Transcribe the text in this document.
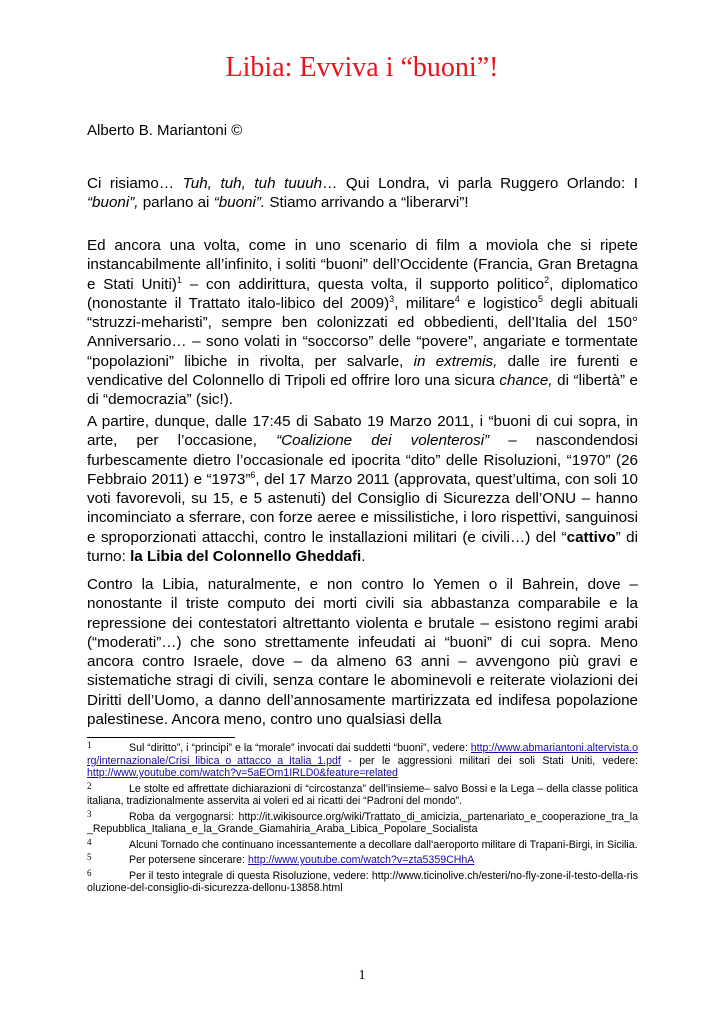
Libia: Evviva i “buoni”!
Alberto B. Mariantoni ©

Ci risiamo… Tuh, tuh, tuh tuuuh… Qui Londra, vi parla Ruggero Orlando: I “buoni”, parlano ai “buoni”. Stiamo arrivando a “liberarvi”!

Ed ancora una volta, come in uno scenario di film a moviola che si ripete instancabilmente all’infinito, i soliti “buoni” dell’Occidente (Francia, Gran Bretagna e Stati Uniti)$^1$ – con addirittura, questa volta, il supporto politico$^2$, diplomatico (nonostante il Trattato italo-libico del 2009)$^3$, militare$^4$ e logistico$^5$ degli abituali “struzzi-meharisti”, sempre ben colonizzati ed obbedienti, dell’Italia del 150° Anniversario… – sono volati in “soccorso” delle “povere”, angariate e tormentate “popolazioni” libiche in rivolta, per salvarle, in extremis, dalle ire furenti e vendicative del Colonnello di Tripoli ed offrire loro una sicura chance, di “libertà” e di “democrazia” (sic!).

A partire, dunque, dalle 17:45 di Sabato 19 Marzo 2011, i “buoni di cui sopra, in arte, per l’occasione, “Coalizione dei volenterosi” – nascondendosi furbescamente dietro l’occasionale ed ipocrita “dito” delle Risoluzioni, “1970” (26 Febbraio 2011) e “1973”$^6$, del 17 Marzo 2011 (approvata, quest’ultima, con soli 10 voti favorevoli, su 15, e 5 astenuti) del Consiglio di Sicurezza dell’ONU – hanno incominciato a sferrare, con forze aeree e missilistiche, i loro rispettivi, sanguinosi e sproporzionati attacchi, contro le installazioni militari (e civili…) del “cattivo” di turno: la Libia del Colonnello Gheddafi.

Contro la Libia, naturalmente, e non contro lo Yemen o il Bahrein, dove – nonostante il triste computo dei morti civili sia abbastanza comparabile e la repressione dei contestatori altrettanto violenta e brutale – esistono regimi arabi (“moderati”…) che sono strettamente infeudati ai “buoni” di cui sopra. Meno ancora contro Israele, dove – da almeno 63 anni – avvengono più gravi e sistematiche stragi di civili, senza contare le abominevoli e reiterate violazioni dei Diritti dell’Uomo, a danno dell’annosamente martirizzata ed indifesa popolazione palestinese. Ancora meno, contro uno qualsiasi della

1	Sul “diritto”, i “principi” e la “morale” invocati dai suddetti “buoni”, vedere: http://www.abmariantoni.altervista.org/internazionale/Crisi_libica_o_attacco_a_Italia_1.pdf - per le aggressioni militari dei soli Stati Uniti, vedere: http://www.youtube.com/watch?v=5aEOm1IRLD0&feature=related
2	Le stolte ed affrettate dichiarazioni di “circostanza” dell’insieme– salvo Bossi e la Lega – della classe politica italiana, tradizionalmente asservita ai voleri ed ai ricatti dei “Padroni del mondo”.
3	Roba da vergognarsi: http://it.wikisource.org/wiki/Trattato_di_amicizia,_partenariato_e_cooperazione_tra_la_Repubblica_Italiana_e_la_Grande_Giamahiria_Araba_Libica_Popolare_Socialista
4	Alcuni Tornado che continuano incessantemente a decollare dall’aeroporto militare di Trapani-Birgi, in Sicilia.
5	Per potersene sincerare: http://www.youtube.com/watch?v=zta5359CHhA
6	Per il testo integrale di questa Risoluzione, vedere: http://www.ticinolive.ch/esteri/no-fly-zone-il-testo-della-risoluzione-del-consiglio-di-sicurezza-dellonu-13858.html
1
